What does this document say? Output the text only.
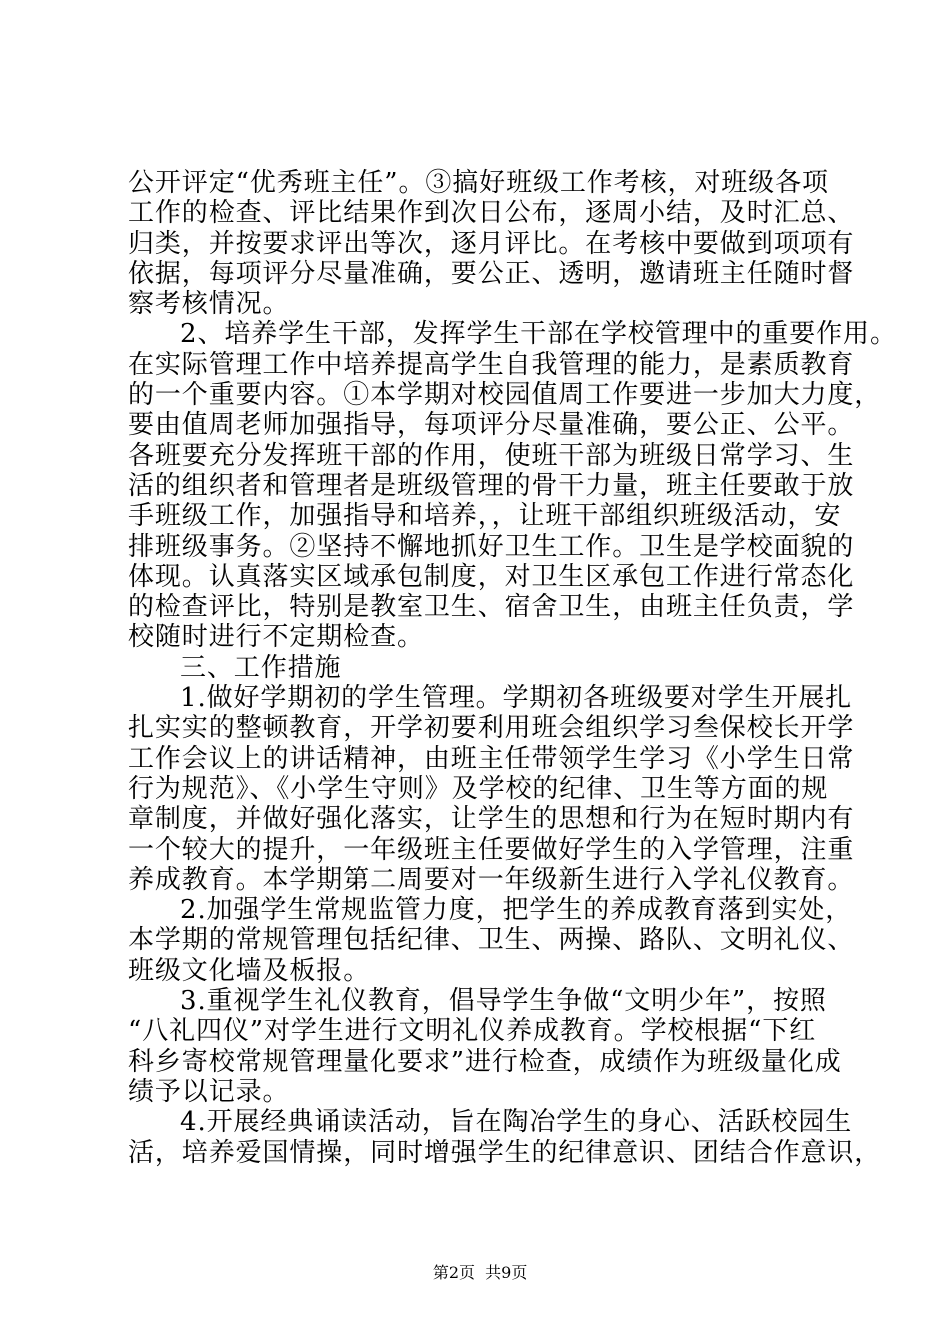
公开评定“优秀班主任”。③搞好班级工作考核，对班级各项
工作的检查、评比结果作到次日公布，逐周小结，及时汇总、
归类，并按要求评出等次，逐月评比。在考核中要做到项项有
依据，每项评分尽量准确，要公正、透明，邀请班主任随时督
察考核情况。
2、培养学生干部，发挥学生干部在学校管理中的重要作用。
在实际管理工作中培养提高学生自我管理的能力，是素质教育
的一个重要内容。①本学期对校园值周工作要进一步加大力度，
要由值周老师加强指导，每项评分尽量准确，要公正、公平。
各班要充分发挥班干部的作用，使班干部为班级日常学习、生
活的组织者和管理者是班级管理的骨干力量，班主任要敢于放
手班级工作，加强指导和培养，，让班干部组织班级活动，安
排班级事务。②坚持不懈地抓好卫生工作。卫生是学校面貌的
体现。认真落实区域承包制度，对卫生区承包工作进行常态化
的检查评比，特别是教室卫生、宿舍卫生，由班主任负责，学
校随时进行不定期检查。
三、工作措施
1.做好学期初的学生管理。学期初各班级要对学生开展扎
扎实实的整顿教育，开学初要利用班会组织学习叁保校长开学
工作会议上的讲话精神，由班主任带领学生学习《小学生日常
行为规范》、《小学生守则》及学校的纪律、卫生等方面的规
章制度，并做好强化落实，让学生的思想和行为在短时期内有
一个较大的提升，一年级班主任要做好学生的入学管理，注重
养成教育。本学期第二周要对一年级新生进行入学礼仪教育。
2.加强学生常规监管力度，把学生的养成教育落到实处，
本学期的常规管理包括纪律、卫生、两操、路队、文明礼仪、
班级文化墙及板报。
3.重视学生礼仪教育，倡导学生争做“文明少年”，按照
“八礼四仪”对学生进行文明礼仪养成教育。学校根据“下红
科乡寄校常规管理量化要求”进行检查，成绩作为班级量化成
绩予以记录。
4.开展经典诵读活动，旨在陶冶学生的身心、活跃校园生
活，培养爱国情操，同时增强学生的纪律意识、团结合作意识，

第2页  共9页
